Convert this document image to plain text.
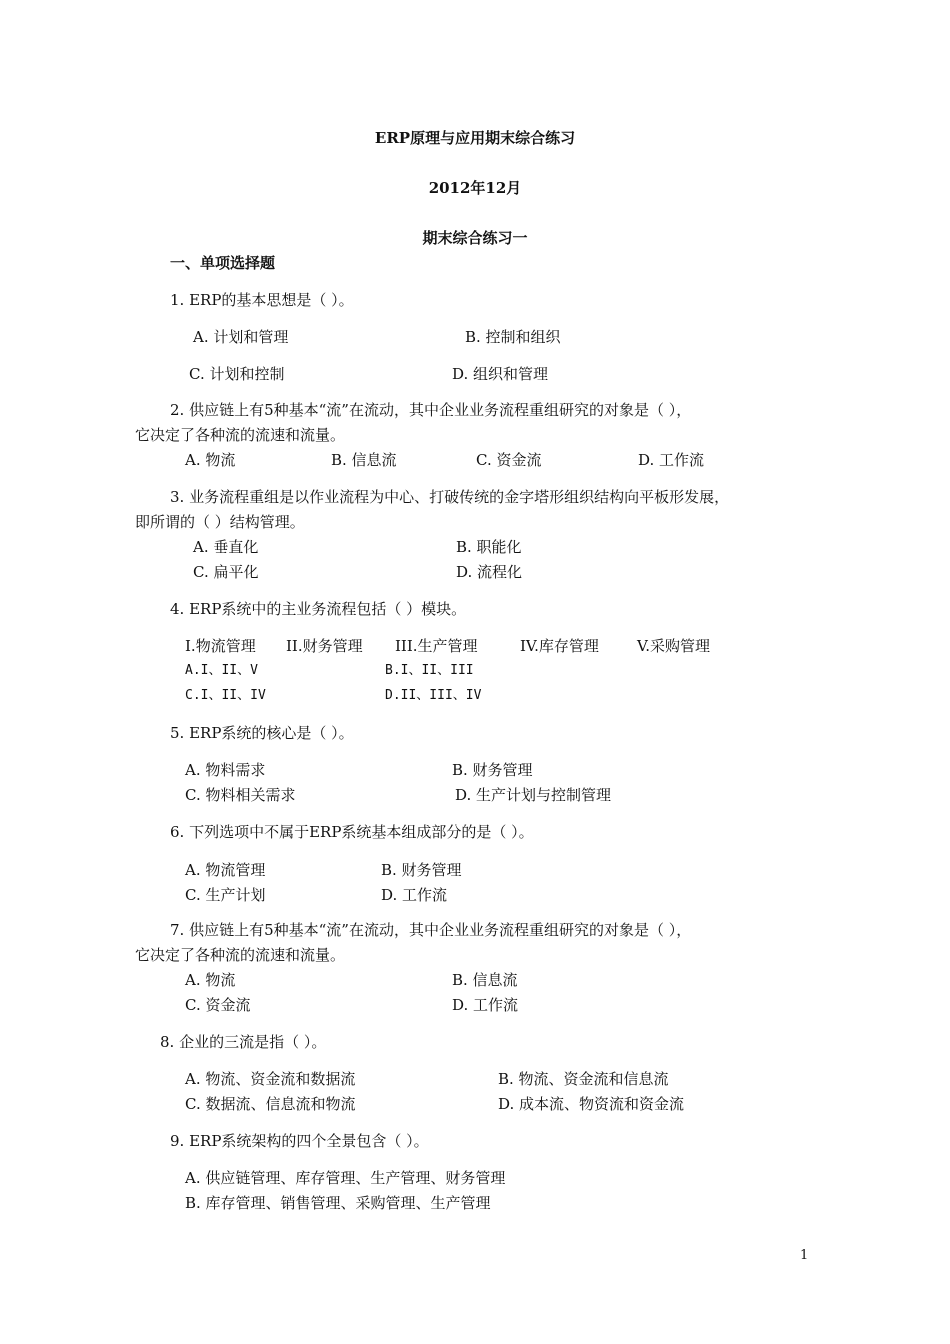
ERP原理与应用期末综合练习
2012年12月
期末综合练习一
一、单项选择题
1. ERP的基本思想是（ ）。
A. 计划和管理	B. 控制和组织
C. 计划和控制	D. 组织和管理
2. 供应链上有5种基本“流”在流动，其中企业业务流程重组研究的对象是（ ），
它决定了各种流的流速和流量。
A. 物流	B. 信息流	C. 资金流	D. 工作流
3. 业务流程重组是以作业流程为中心、打破传统的金字塔形组织结构向平板形发展，
即所谓的（ ）结构管理。
A. 垂直化	B. 职能化
C. 扁平化	D. 流程化
4. ERP系统中的主业务流程包括（ ）模块。
I.物流管理 II.财务管理 III.生产管理	IV.库存管理	V.采购管理
A.I、II、V	B.I、II、III
C.I、II、IV	D.II、III、IV
5. ERP系统的核心是（ ）。
A. 物料需求	B. 财务管理
C. 物料相关需求	D. 生产计划与控制管理
6. 下列选项中不属于ERP系统基本组成部分的是（ ）。
A. 物流管理	B. 财务管理
C. 生产计划	D. 工作流
7. 供应链上有5种基本“流”在流动，其中企业业务流程重组研究的对象是（ ），
它决定了各种流的流速和流量。
A. 物流	B. 信息流
C. 资金流	D. 工作流
8. 企业的三流是指（ ）。
A. 物流、资金流和数据流	B. 物流、资金流和信息流
C. 数据流、信息流和物流	D. 成本流、物资流和资金流
9. ERP系统架构的四个全景包含（ ）。
A. 供应链管理、库存管理、生产管理、财务管理
B. 库存管理、销售管理、采购管理、生产管理
1
